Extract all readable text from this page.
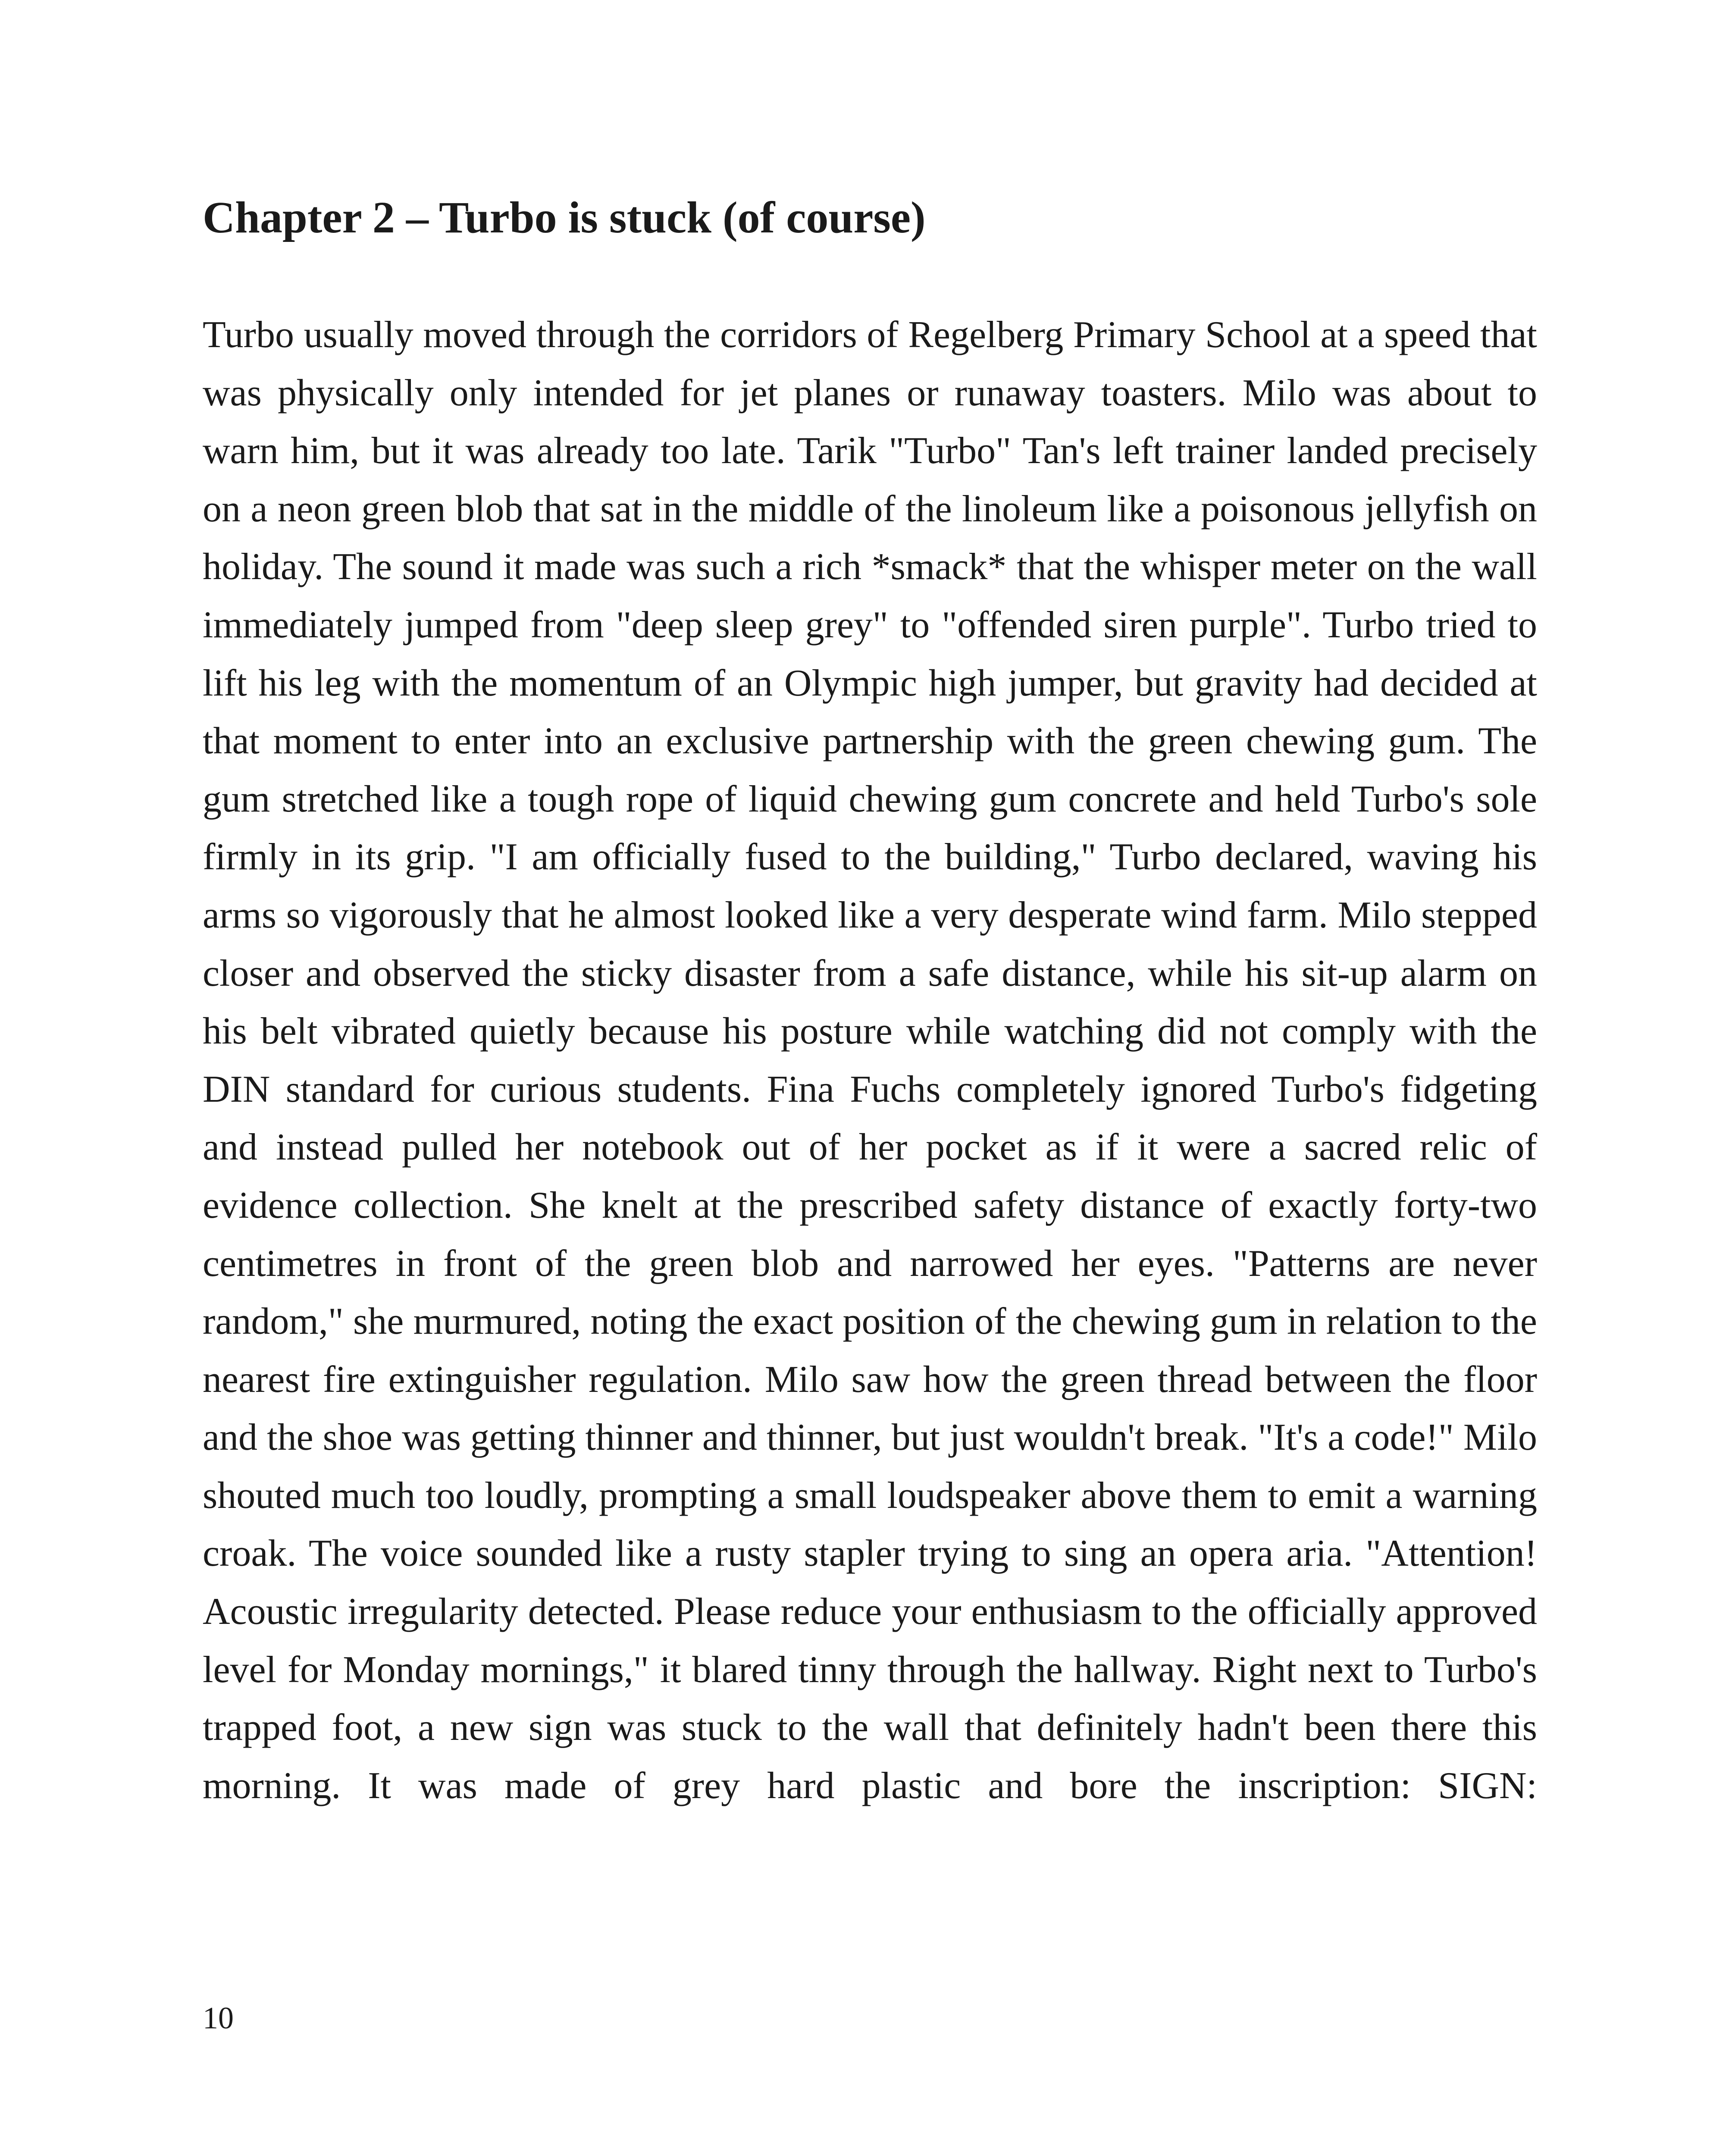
Chapter 2 – Turbo is stuck (of course)

Turbo usually moved through the corridors of Regelberg Primary School at a speed that was physically only intended for jet planes or runaway toasters. Milo was about to warn him, but it was already too late. Tarik "Turbo" Tan's left trainer landed precisely on a neon green blob that sat in the middle of the linoleum like a poisonous jellyfish on holiday. The sound it made was such a rich *smack* that the whisper meter on the wall immediately jumped from "deep sleep grey" to "offended siren purple". Turbo tried to lift his leg with the momentum of an Olympic high jumper, but gravity had decided at that moment to enter into an exclusive partnership with the green chewing gum. The gum stretched like a tough rope of liquid chewing gum concrete and held Turbo's sole firmly in its grip. "I am officially fused to the building," Turbo declared, waving his arms so vigorously that he almost looked like a very desperate wind farm. Milo stepped closer and observed the sticky disaster from a safe distance, while his sit-up alarm on his belt vibrated quietly because his posture while watching did not comply with the DIN standard for curious students. Fina Fuchs completely ignored Turbo's fidgeting and instead pulled her notebook out of her pocket as if it were a sacred relic of evidence collection. She knelt at the prescribed safety distance of exactly forty-two centimetres in front of the green blob and narrowed her eyes. "Patterns are never random," she murmured, noting the exact position of the chewing gum in relation to the nearest fire extinguisher regulation. Milo saw how the green thread between the floor and the shoe was getting thinner and thinner, but just wouldn't break. "It's a code!" Milo shouted much too loudly, prompting a small loudspeaker above them to emit a warning croak. The voice sounded like a rusty stapler trying to sing an opera aria. "Attention! Acoustic irregularity detected. Please reduce your enthusiasm to the officially approved level for Monday mornings," it blared tinny through the hallway. Right next to Turbo's trapped foot, a new sign was stuck to the wall that definitely hadn't been there this morning. It was made of grey hard plastic and bore the inscription: SIGN:

10
